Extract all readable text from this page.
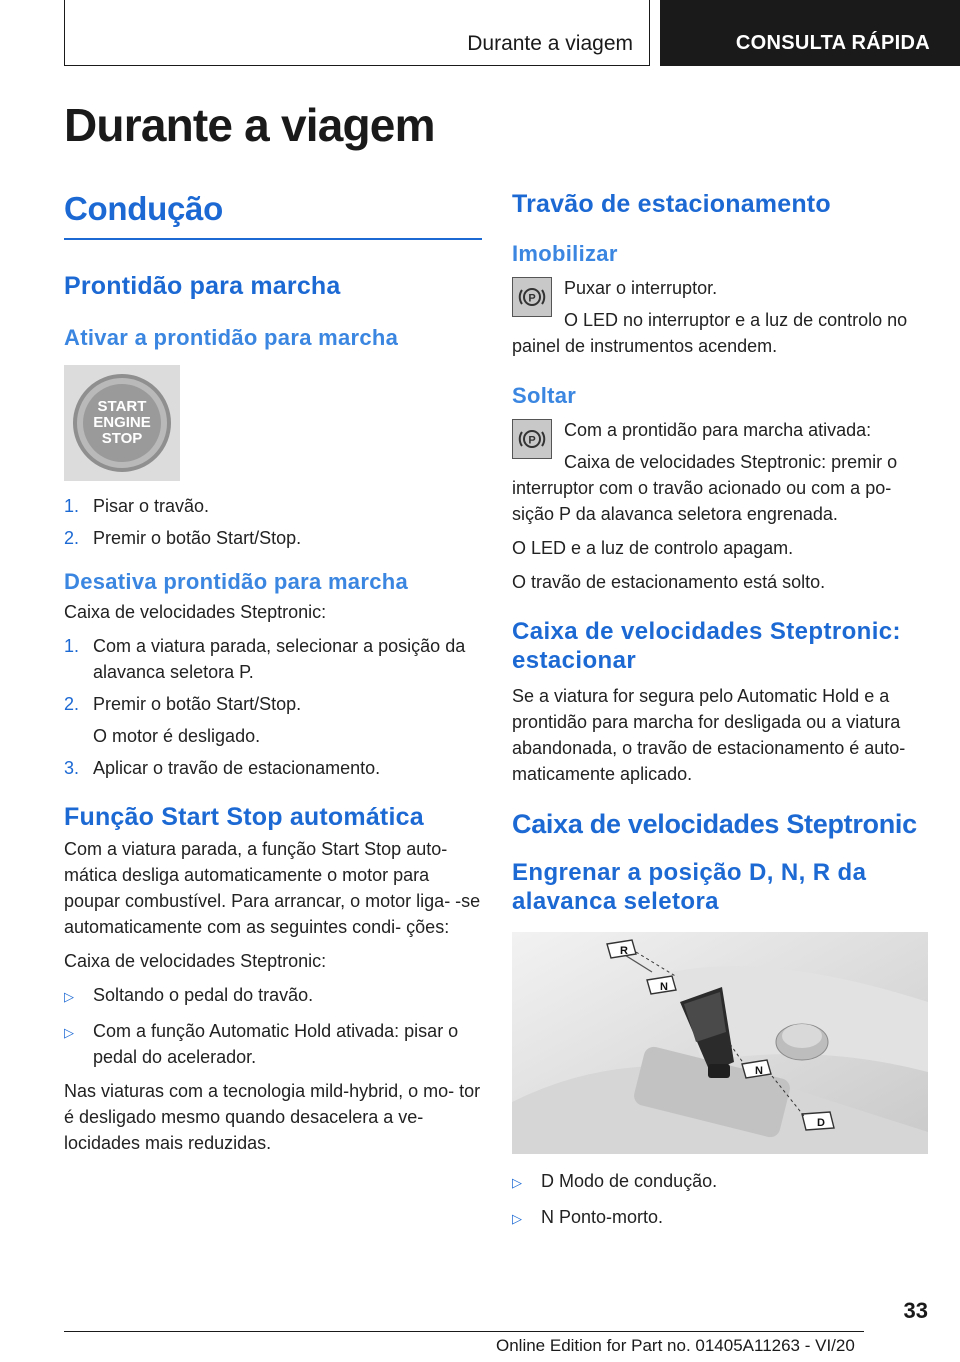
Durante a viagem	CONSULTA RÁPIDA
Durante a viagem
Condução
Prontidão para marcha
Ativar a prontidão para marcha
START
ENGINE
STOP
1. Pisar o travão.
2. Premir o botão Start/Stop.
Desativa prontidão para marcha
Caixa de velocidades Steptronic:
1. Com a viatura parada, selecionar a posição da alavanca seletora P.
2. Premir o botão Start/Stop.
O motor é desligado.
3. Aplicar o travão de estacionamento.
Função Start Stop automática
Com a viatura parada, a função Start Stop auto- mática desliga automaticamente o motor para poupar combustível. Para arrancar, o motor liga- -se automaticamente com as seguintes condi- ções:
Caixa de velocidades Steptronic:
▷	Soltando o pedal do travão.
▷	Com a função Automatic Hold ativada: pisar o pedal do acelerador.
Nas viaturas com a tecnologia mild-hybrid, o mo- tor é desligado mesmo quando desacelera a ve- locidades mais reduzidas.
Travão de estacionamento
Imobilizar
P
Puxar o interruptor.
O LED no interruptor e a luz de controlo no painel de instrumentos acendem.
Soltar
P
Com a prontidão para marcha ativada:
Caixa de velocidades Steptronic: premir o interruptor com o travão acionado ou com a po- sição P da alavanca seletora engrenada.
O LED e a luz de controlo apagam.
O travão de estacionamento está solto.
Caixa de velocidades Steptronic: estacionar
Se a viatura for segura pelo Automatic Hold e a prontidão para marcha for desligada ou a viatura abandonada, o travão de estacionamento é auto- maticamente aplicado.
Caixa de velocidades Steptronic
Engrenar a posição D, N, R da alavanca seletora
R
N
N
D
▷	D Modo de condução.
▷	N Ponto-morto.
33
Online Edition for Part no. 01405A11263 - VI/20
